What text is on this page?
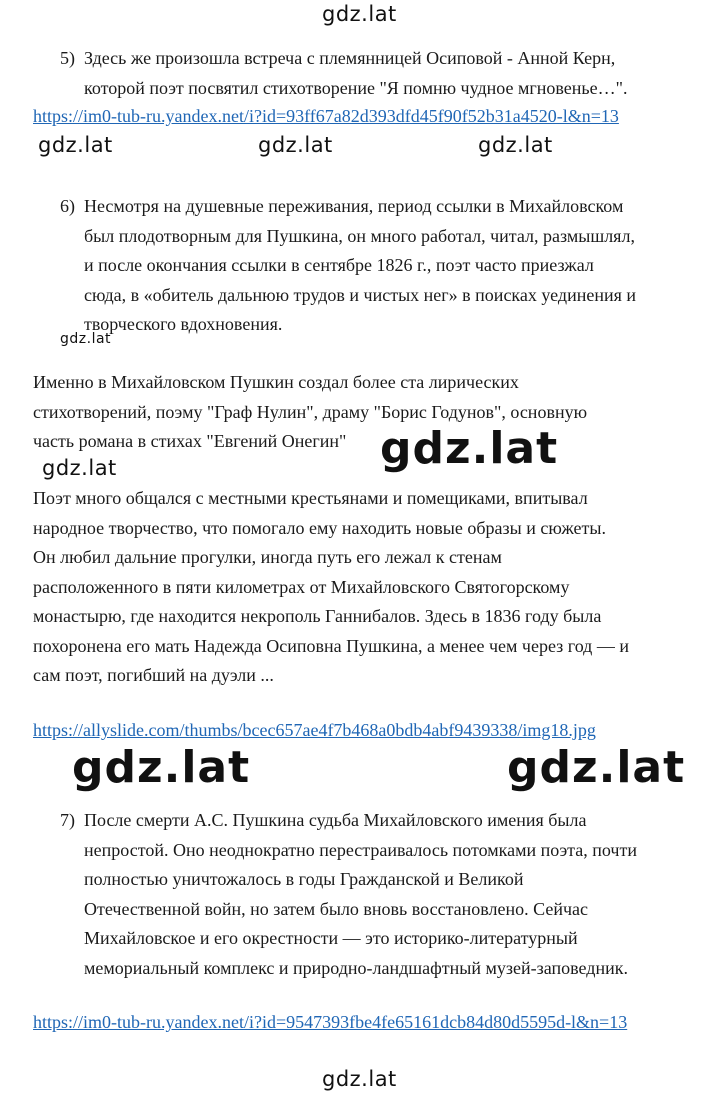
gdz.lat
gdz.lat	gdz.lat	gdz.lat
gdz.lat
gdz.lat	gdz.lat
gdz.lat	gdz.lat
gdz.lat
5) Здесь же произошла встреча с племянницей Осиповой - Анной Керн,
которой поэт посвятил стихотворение "Я помню чудное мгновенье…".
https://im0-tub-ru.yandex.net/i?id=93ff67a82d393dfd45f90f52b31a4520-l&n=13
6) Несмотря на душевные переживания, период ссылки в Михайловском
был плодотворным для Пушкина, он много работал, читал, размышлял,
и после окончания ссылки в сентябре 1826 г., поэт часто приезжал
сюда, в «обитель дальнюю трудов и чистых нег» в поисках уединения и
творческого вдохновения.
Именно в Михайловском Пушкин создал более ста лирических
стихотворений, поэму "Граф Нулин", драму "Борис Годунов", основную
часть романа в стихах "Евгений Онегин"
Поэт много общался с местными крестьянами и помещиками, впитывал
народное творчество, что помогало ему находить новые образы и сюжеты.
Он любил дальние прогулки, иногда путь его лежал к стенам
расположенного в пяти километрах от Михайловского Святогорскому
монастырю, где находится некрополь Ганнибалов. Здесь в 1836 году была
похоронена его мать Надежда Осиповна Пушкина, а менее чем через год — и
сам поэт, погибший на дуэли ...
https://allyslide.com/thumbs/bcec657ae4f7b468a0bdb4abf9439338/img18.jpg
7) После смерти А.С. Пушкина судьба Михайловского имения была
непростой. Оно неоднократно перестраивалось потомками поэта, почти
полностью уничтожалось в годы Гражданской и Великой
Отечественной войн, но затем было вновь восстановлено. Сейчас
Михайловское и его окрестности — это историко-литературный
мемориальный комплекс и природно-ландшафтный музей-заповедник.
https://im0-tub-ru.yandex.net/i?id=9547393fbe4fe65161dcb84d80d5595d-l&n=13
